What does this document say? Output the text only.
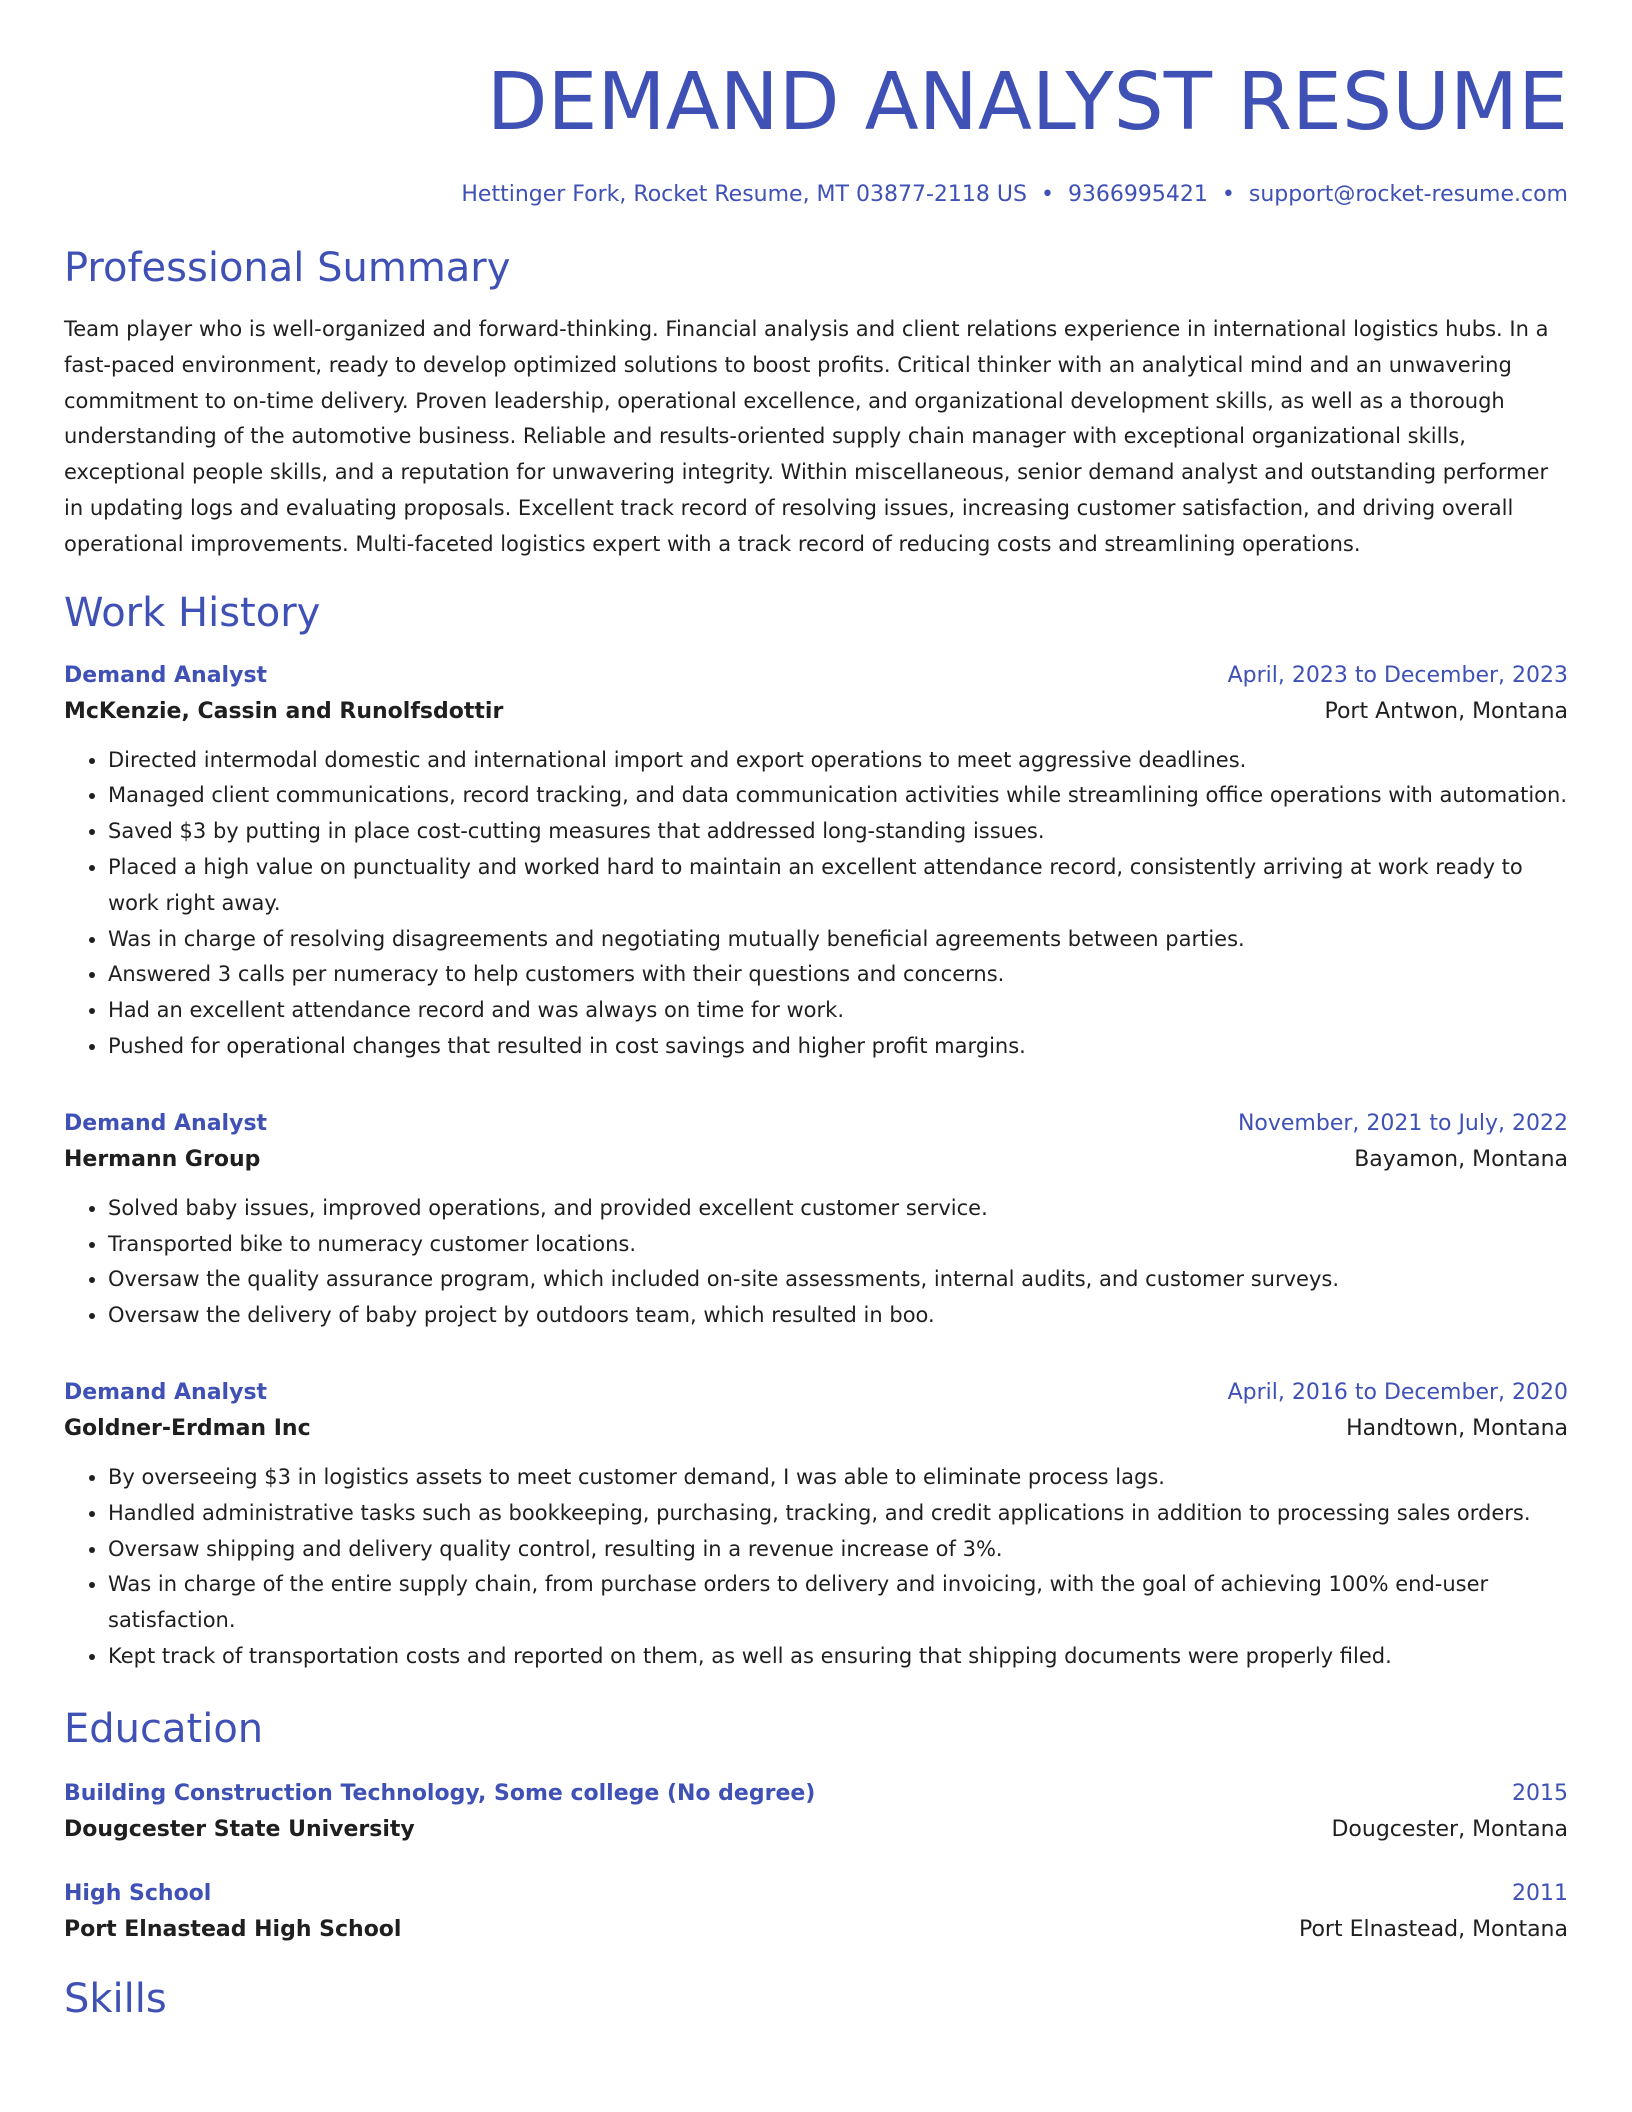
DEMAND ANALYST RESUME
Hettinger Fork, Rocket Resume, MT 03877-2118 US • 9366995421 • support@rocket-resume.com
Professional Summary
Team player who is well-organized and forward-thinking. Financial analysis and client relations experience in international logistics hubs. In a fast-paced environment, ready to develop optimized solutions to boost profits. Critical thinker with an analytical mind and an unwavering commitment to on-time delivery. Proven leadership, operational excellence, and organizational development skills, as well as a thorough understanding of the automotive business. Reliable and results-oriented supply chain manager with exceptional organizational skills, exceptional people skills, and a reputation for unwavering integrity. Within miscellaneous, senior demand analyst and outstanding performer in updating logs and evaluating proposals. Excellent track record of resolving issues, increasing customer satisfaction, and driving overall operational improvements. Multi-faceted logistics expert with a track record of reducing costs and streamlining operations.
Work History
Demand Analyst	April, 2023 to December, 2023
McKenzie, Cassin and Runolfsdottir	Port Antwon, Montana
• Directed intermodal domestic and international import and export operations to meet aggressive deadlines.
• Managed client communications, record tracking, and data communication activities while streamlining office operations with automation.
• Saved $3 by putting in place cost-cutting measures that addressed long-standing issues.
• Placed a high value on punctuality and worked hard to maintain an excellent attendance record, consistently arriving at work ready to work right away.
• Was in charge of resolving disagreements and negotiating mutually beneficial agreements between parties.
• Answered 3 calls per numeracy to help customers with their questions and concerns.
• Had an excellent attendance record and was always on time for work.
• Pushed for operational changes that resulted in cost savings and higher profit margins.
Demand Analyst	November, 2021 to July, 2022
Hermann Group	Bayamon, Montana
• Solved baby issues, improved operations, and provided excellent customer service.
• Transported bike to numeracy customer locations.
• Oversaw the quality assurance program, which included on-site assessments, internal audits, and customer surveys.
• Oversaw the delivery of baby project by outdoors team, which resulted in boo.
Demand Analyst	April, 2016 to December, 2020
Goldner-Erdman Inc	Handtown, Montana
• By overseeing $3 in logistics assets to meet customer demand, I was able to eliminate process lags.
• Handled administrative tasks such as bookkeeping, purchasing, tracking, and credit applications in addition to processing sales orders.
• Oversaw shipping and delivery quality control, resulting in a revenue increase of 3%.
• Was in charge of the entire supply chain, from purchase orders to delivery and invoicing, with the goal of achieving 100% end-user satisfaction.
• Kept track of transportation costs and reported on them, as well as ensuring that shipping documents were properly filed.
Education
Building Construction Technology, Some college (No degree)	2015
Dougcester State University	Dougcester, Montana
High School	2011
Port Elnastead High School	Port Elnastead, Montana
Skills
